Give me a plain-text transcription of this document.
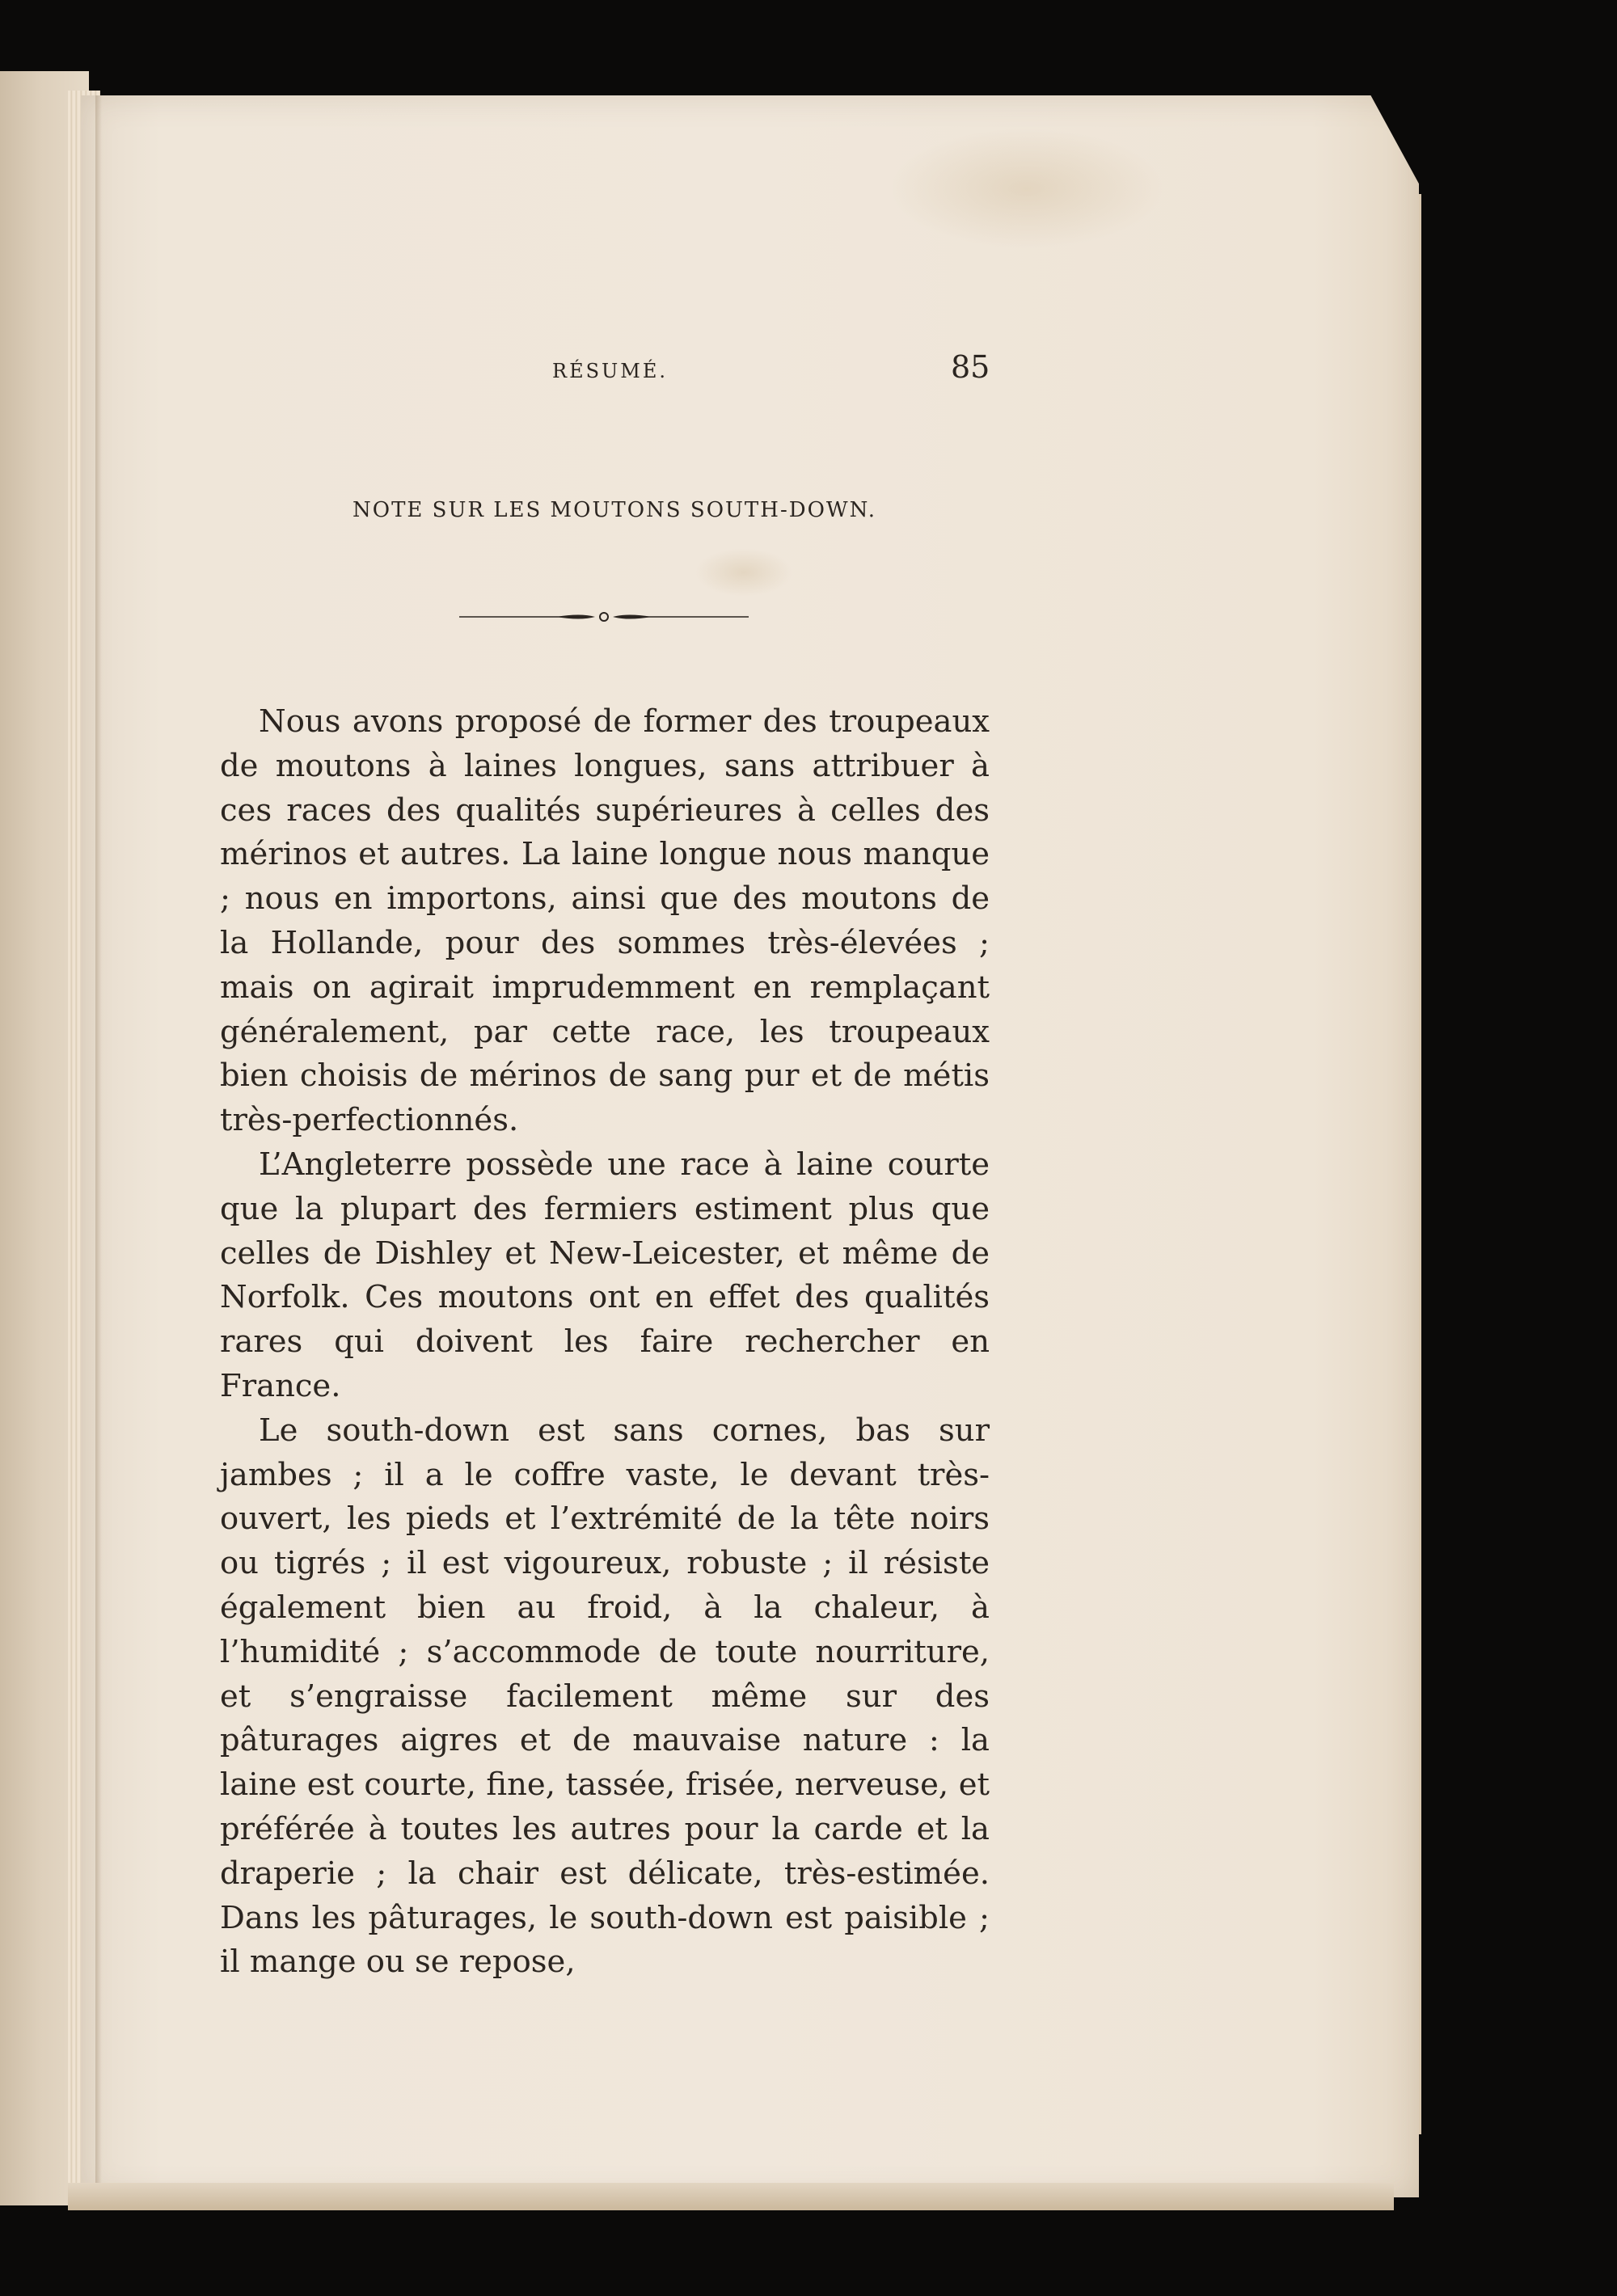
RÉSUMÉ.	85
NOTE SUR LES MOUTONS SOUTH-DOWN.

Nous avons proposé de former des troupeaux de moutons à laines longues, sans attribuer à ces races des qualités supérieures à celles des mérinos et autres. La laine longue nous manque ; nous en importons, ainsi que des moutons de la Hollande, pour des sommes très-élevées ; mais on agirait imprudemment en remplaçant généralement, par cette race, les troupeaux bien choisis de mérinos de sang pur et de métis très-perfectionnés.

L’Angleterre possède une race à laine courte que la plupart des fermiers estiment plus que celles de Dishley et New-Leicester, et même de Norfolk. Ces moutons ont en effet des qualités rares qui doivent les faire rechercher en France.

Le south-down est sans cornes, bas sur jambes ; il a le coffre vaste, le devant très-ouvert, les pieds et l’extrémité de la tête noirs ou tigrés ; il est vigoureux, robuste ; il résiste également bien au froid, à la chaleur, à l’humidité ; s’accommode de toute nourriture, et s’engraisse facilement même sur des pâturages aigres et de mauvaise nature : la laine est courte, fine, tassée, frisée, nerveuse, et préférée à toutes les autres pour la carde et la draperie ; la chair est délicate, très-estimée. Dans les pâturages, le south-down est paisible ; il mange ou se repose,
